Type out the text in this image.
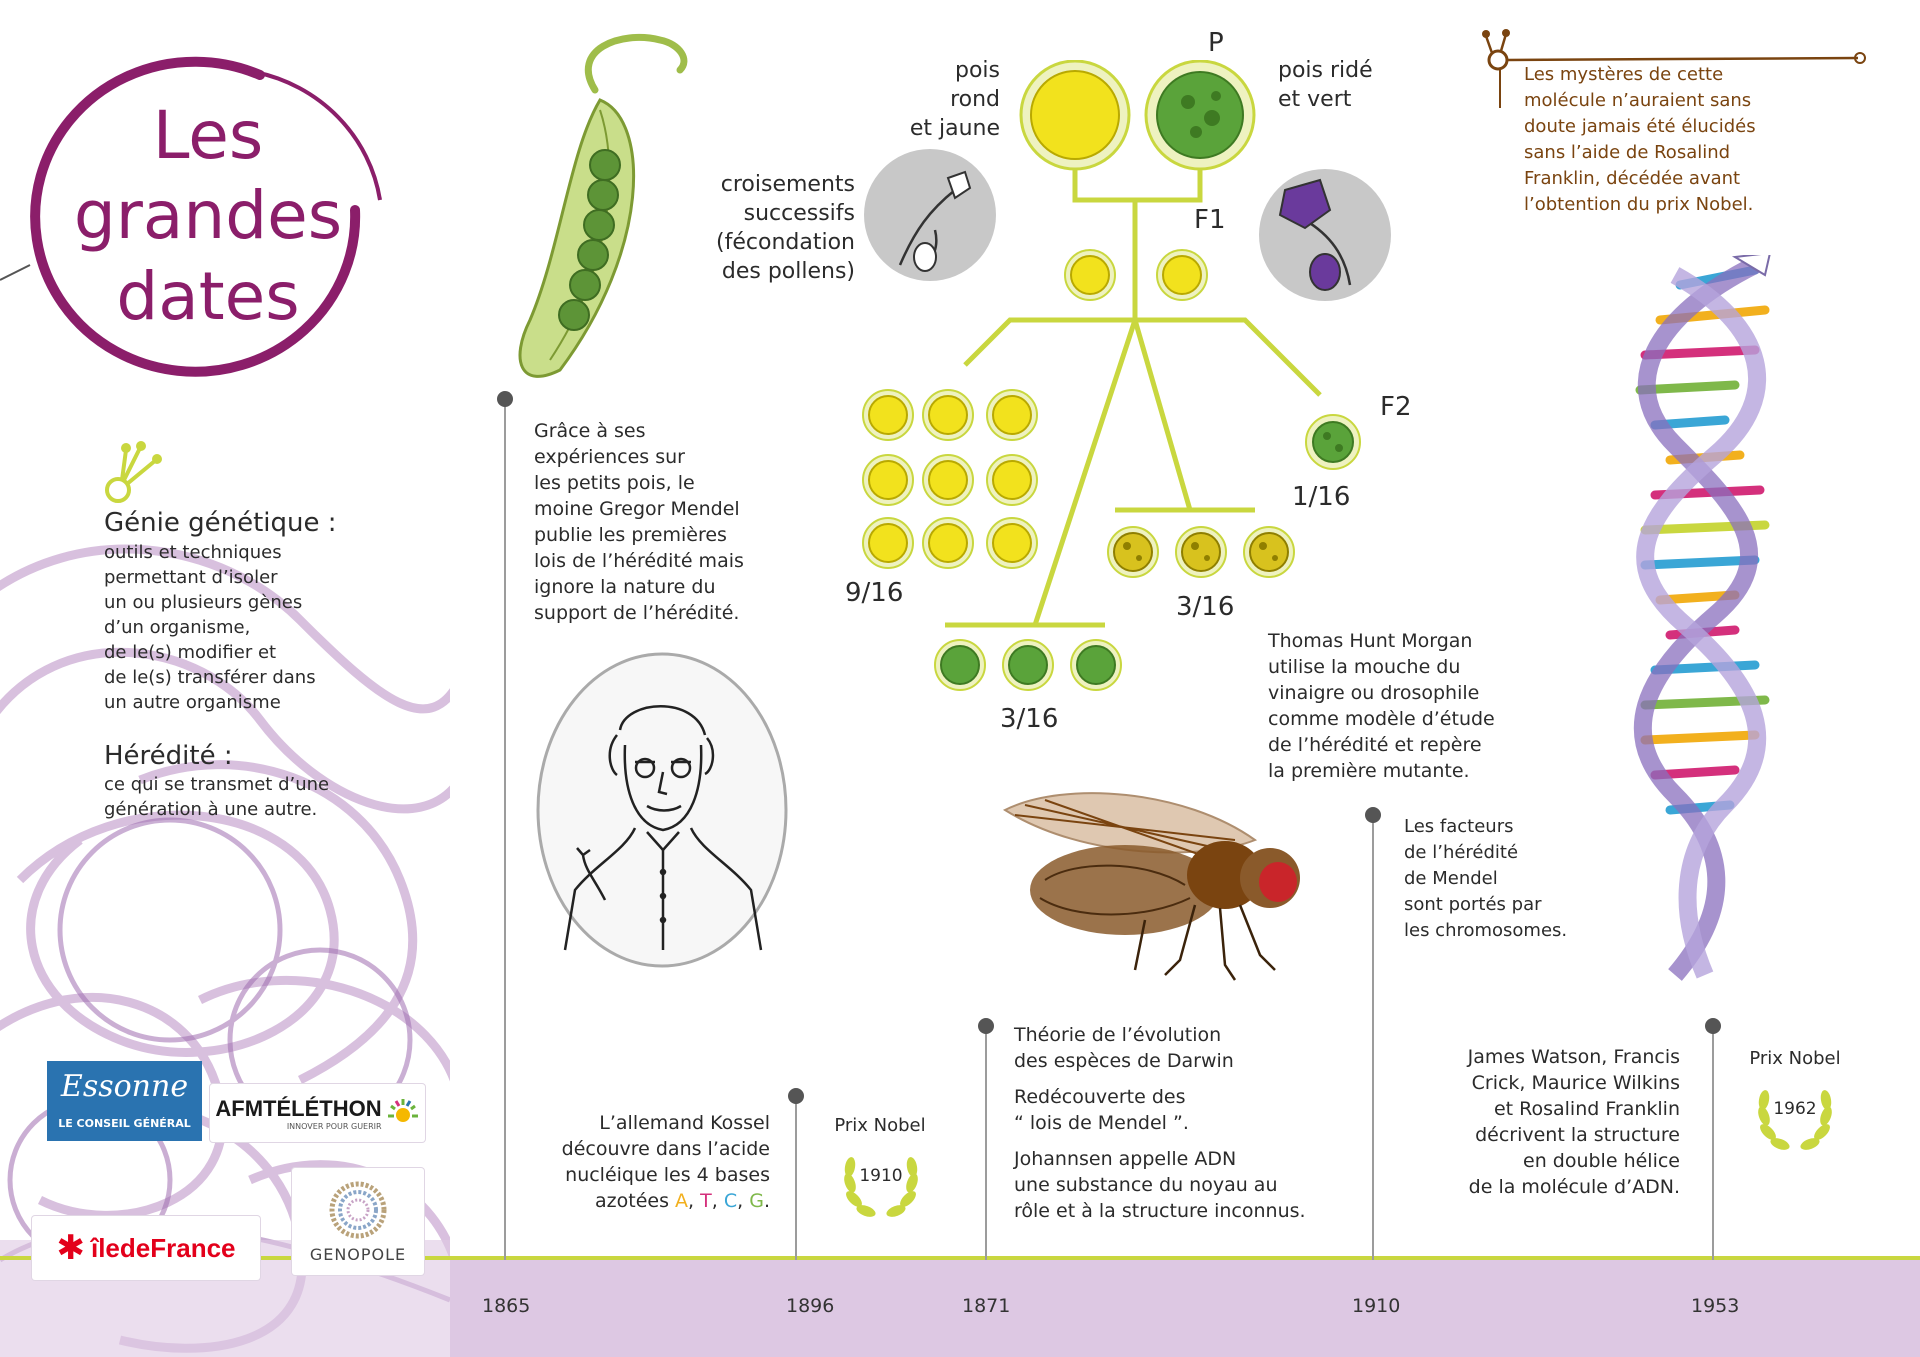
Les
grandes
dates
Génie génétique :
outils et techniques
permettant d’isoler
un ou plusieurs gènes
d’un organisme,
de le(s) modifier et
de le(s) transférer dans
un autre organisme
Hérédité :
ce qui se transmet d’une
génération à une autre.
Essonne
LE CONSEIL GÉNÉRAL
AFMTÉLÉTHON
INNOVER POUR GUERIR
GENOPOLE
✱ îledeFrance
1865	1896	1871	1910	1953
Grâce à ses
expériences sur
les petits pois, le
moine Gregor Mendel
publie les premières
lois de l’hérédité mais
ignore la nature du
support de l’hérédité.
pois rond
et jaune
pois ridé
et vert
P
F1
F2
croisements
successifs
(fécondation
des pollens)
9/16	3/16
1/16
3/16
Thomas Hunt Morgan
utilise la mouche du
vinaigre ou drosophile
comme modèle d’étude
de l’hérédité et repère
la première mutante.
Les facteurs
de l’hérédité
de Mendel
sont portés par
les chromosomes.
L’allemand Kossel
découvre dans l’acide
nucléique les 4 bases
azotées A, T, C, G.
Prix Nobel
1910
Théorie de l’évolution
des espèces de Darwin
Redécouverte des
“ lois de Mendel ”.
Johannsen appelle ADN
une substance du noyau au
rôle et à la structure inconnus.
Les mystères de cette
molécule n’auraient sans
doute jamais été élucidés
sans l’aide de Rosalind
Franklin, décédée avant
l’obtention du prix Nobel.
James Watson, Francis
Crick, Maurice Wilkins
et Rosalind Franklin
décrivent la structure
en double hélice
de la molécule d’ADN.
Prix Nobel
1962
